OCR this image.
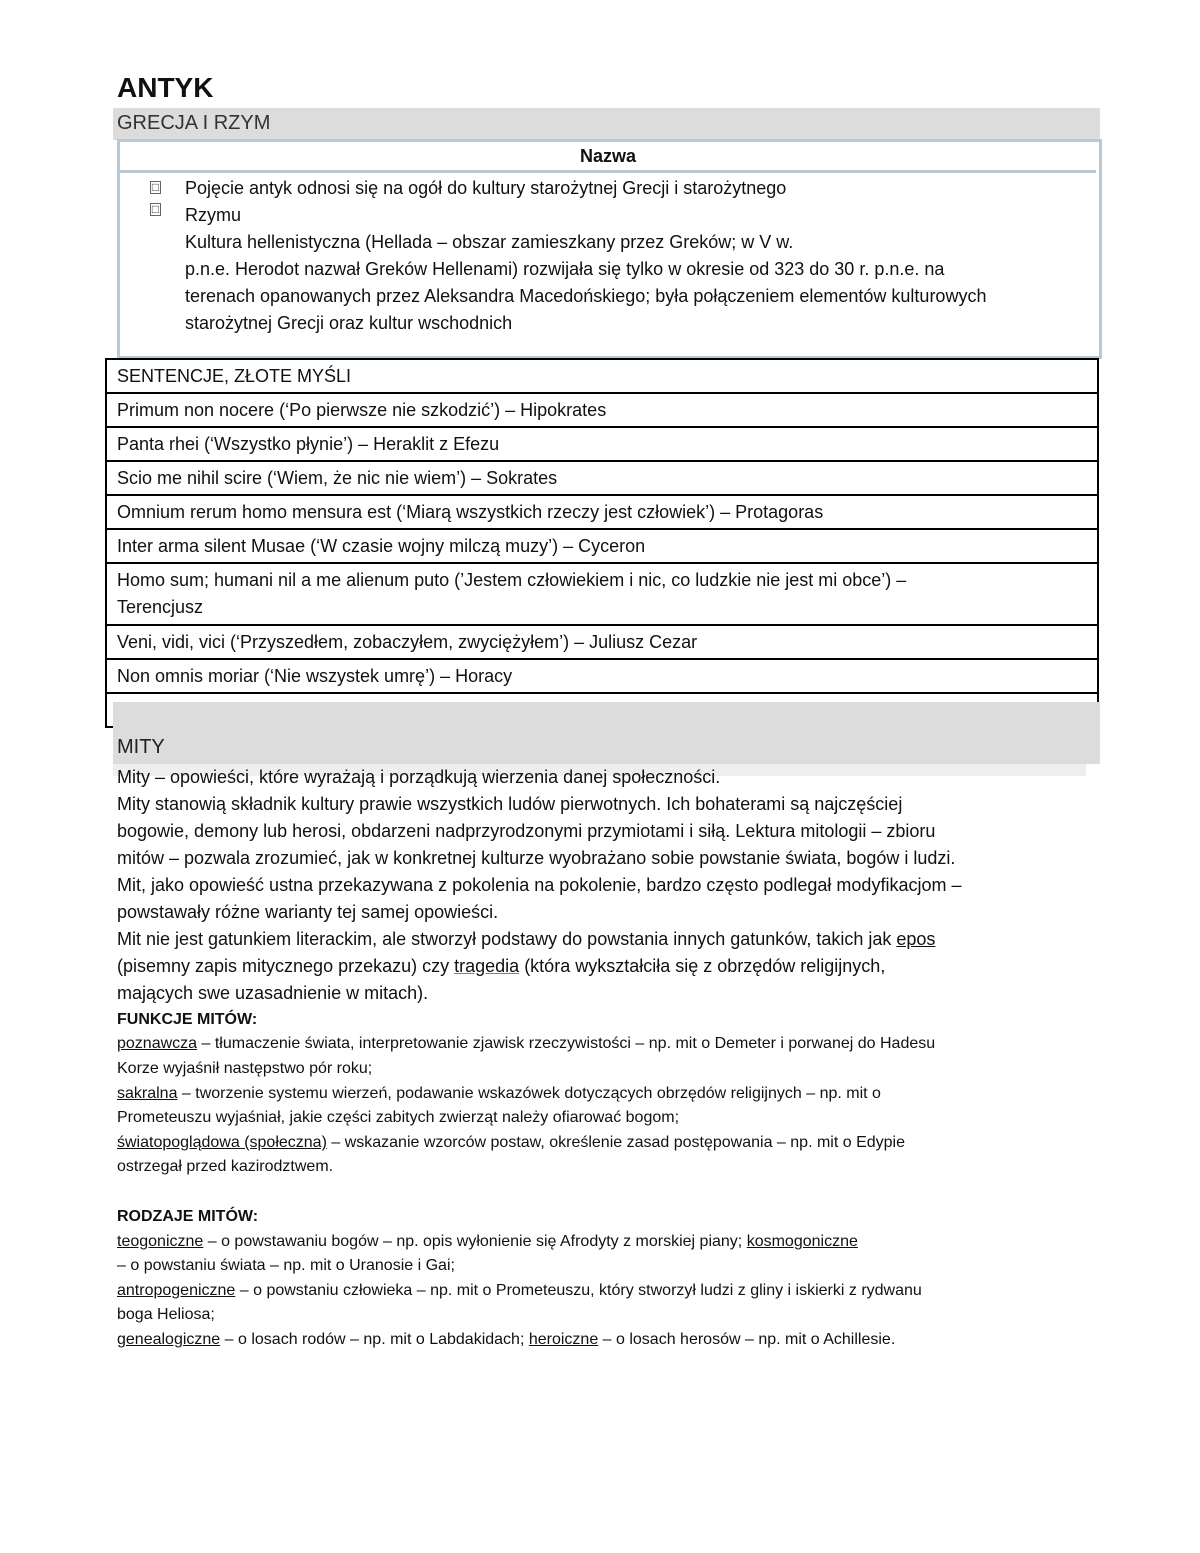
ANTYK
GRECJA I RZYM
Nazwa
□
□
Pojęcie antyk odnosi się na ogół do kultury starożytnej Grecji i starożytnego
Rzymu
Kultura hellenistyczna (Hellada – obszar zamieszkany przez Greków; w V w.
p.n.e. Herodot nazwał Greków Hellenami) rozwijała się tylko w okresie od 323 do 30 r. p.n.e. na
terenach opanowanych przez Aleksandra Macedońskiego; była połączeniem elementów kulturowych
starożytnej Grecji oraz kultur wschodnich
SENTENCJE, ZŁOTE MYŚLI
Primum non nocere (‘Po pierwsze nie szkodzić’) – Hipokrates
Panta rhei (‘Wszystko płynie’) – Heraklit z Efezu
Scio me nihil scire (‘Wiem, że nic nie wiem’) – Sokrates
Omnium rerum homo mensura est (‘Miarą wszystkich rzeczy jest człowiek’) – Protagoras
Inter arma silent Musae (‘W czasie wojny milczą muzy’) – Cyceron
Homo sum; humani nil a me alienum puto (’Jestem człowiekiem i nic, co ludzkie nie jest mi obce’) –
Terencjusz
Veni, vidi, vici (‘Przyszedłem, zobaczyłem, zwyciężyłem’) – Juliusz Cezar
Non omnis moriar (‘Nie wszystek umrę’) – Horacy
MITY
Mity – opowieści, które wyrażają i porządkują wierzenia danej społeczności.
Mity stanowią składnik kultury prawie wszystkich ludów pierwotnych. Ich bohaterami są najczęściej
bogowie, demony lub herosi, obdarzeni nadprzyrodzonymi przymiotami i siłą. Lektura mitologii – zbioru
mitów – pozwala zrozumieć, jak w konkretnej kulturze wyobrażano sobie powstanie świata, bogów i ludzi.
Mit, jako opowieść ustna przekazywana z pokolenia na pokolenie, bardzo często podlegał modyfikacjom –
powstawały różne warianty tej samej opowieści.
Mit nie jest gatunkiem literackim, ale stworzył podstawy do powstania innych gatunków, takich jak epos
(pisemny zapis mitycznego przekazu) czy tragedia (która wykształciła się z obrzędów religijnych,
mających swe uzasadnienie w mitach).
FUNKCJE MITÓW:
poznawcza – tłumaczenie świata, interpretowanie zjawisk rzeczywistości – np. mit o Demeter i porwanej do Hadesu
Korze wyjaśnił następstwo pór roku;
sakralna – tworzenie systemu wierzeń, podawanie wskazówek dotyczących obrzędów religijnych – np. mit o
Prometeuszu wyjaśniał, jakie części zabitych zwierząt należy ofiarować bogom;
światopoglądowa (społeczna) – wskazanie wzorców postaw, określenie zasad postępowania – np. mit o Edypie
ostrzegał przed kazirodztwem.
RODZAJE MITÓW:
teogoniczne – o powstawaniu bogów – np. opis wyłonienie się Afrodyty z morskiej piany; kosmogoniczne
– o powstaniu świata – np. mit o Uranosie i Gai;
antropogeniczne – o powstaniu człowieka – np. mit o Prometeuszu, który stworzył ludzi z gliny i iskierki z rydwanu
boga Heliosa;
genealogiczne – o losach rodów – np. mit o Labdakidach; heroiczne – o losach herosów – np. mit o Achillesie.
